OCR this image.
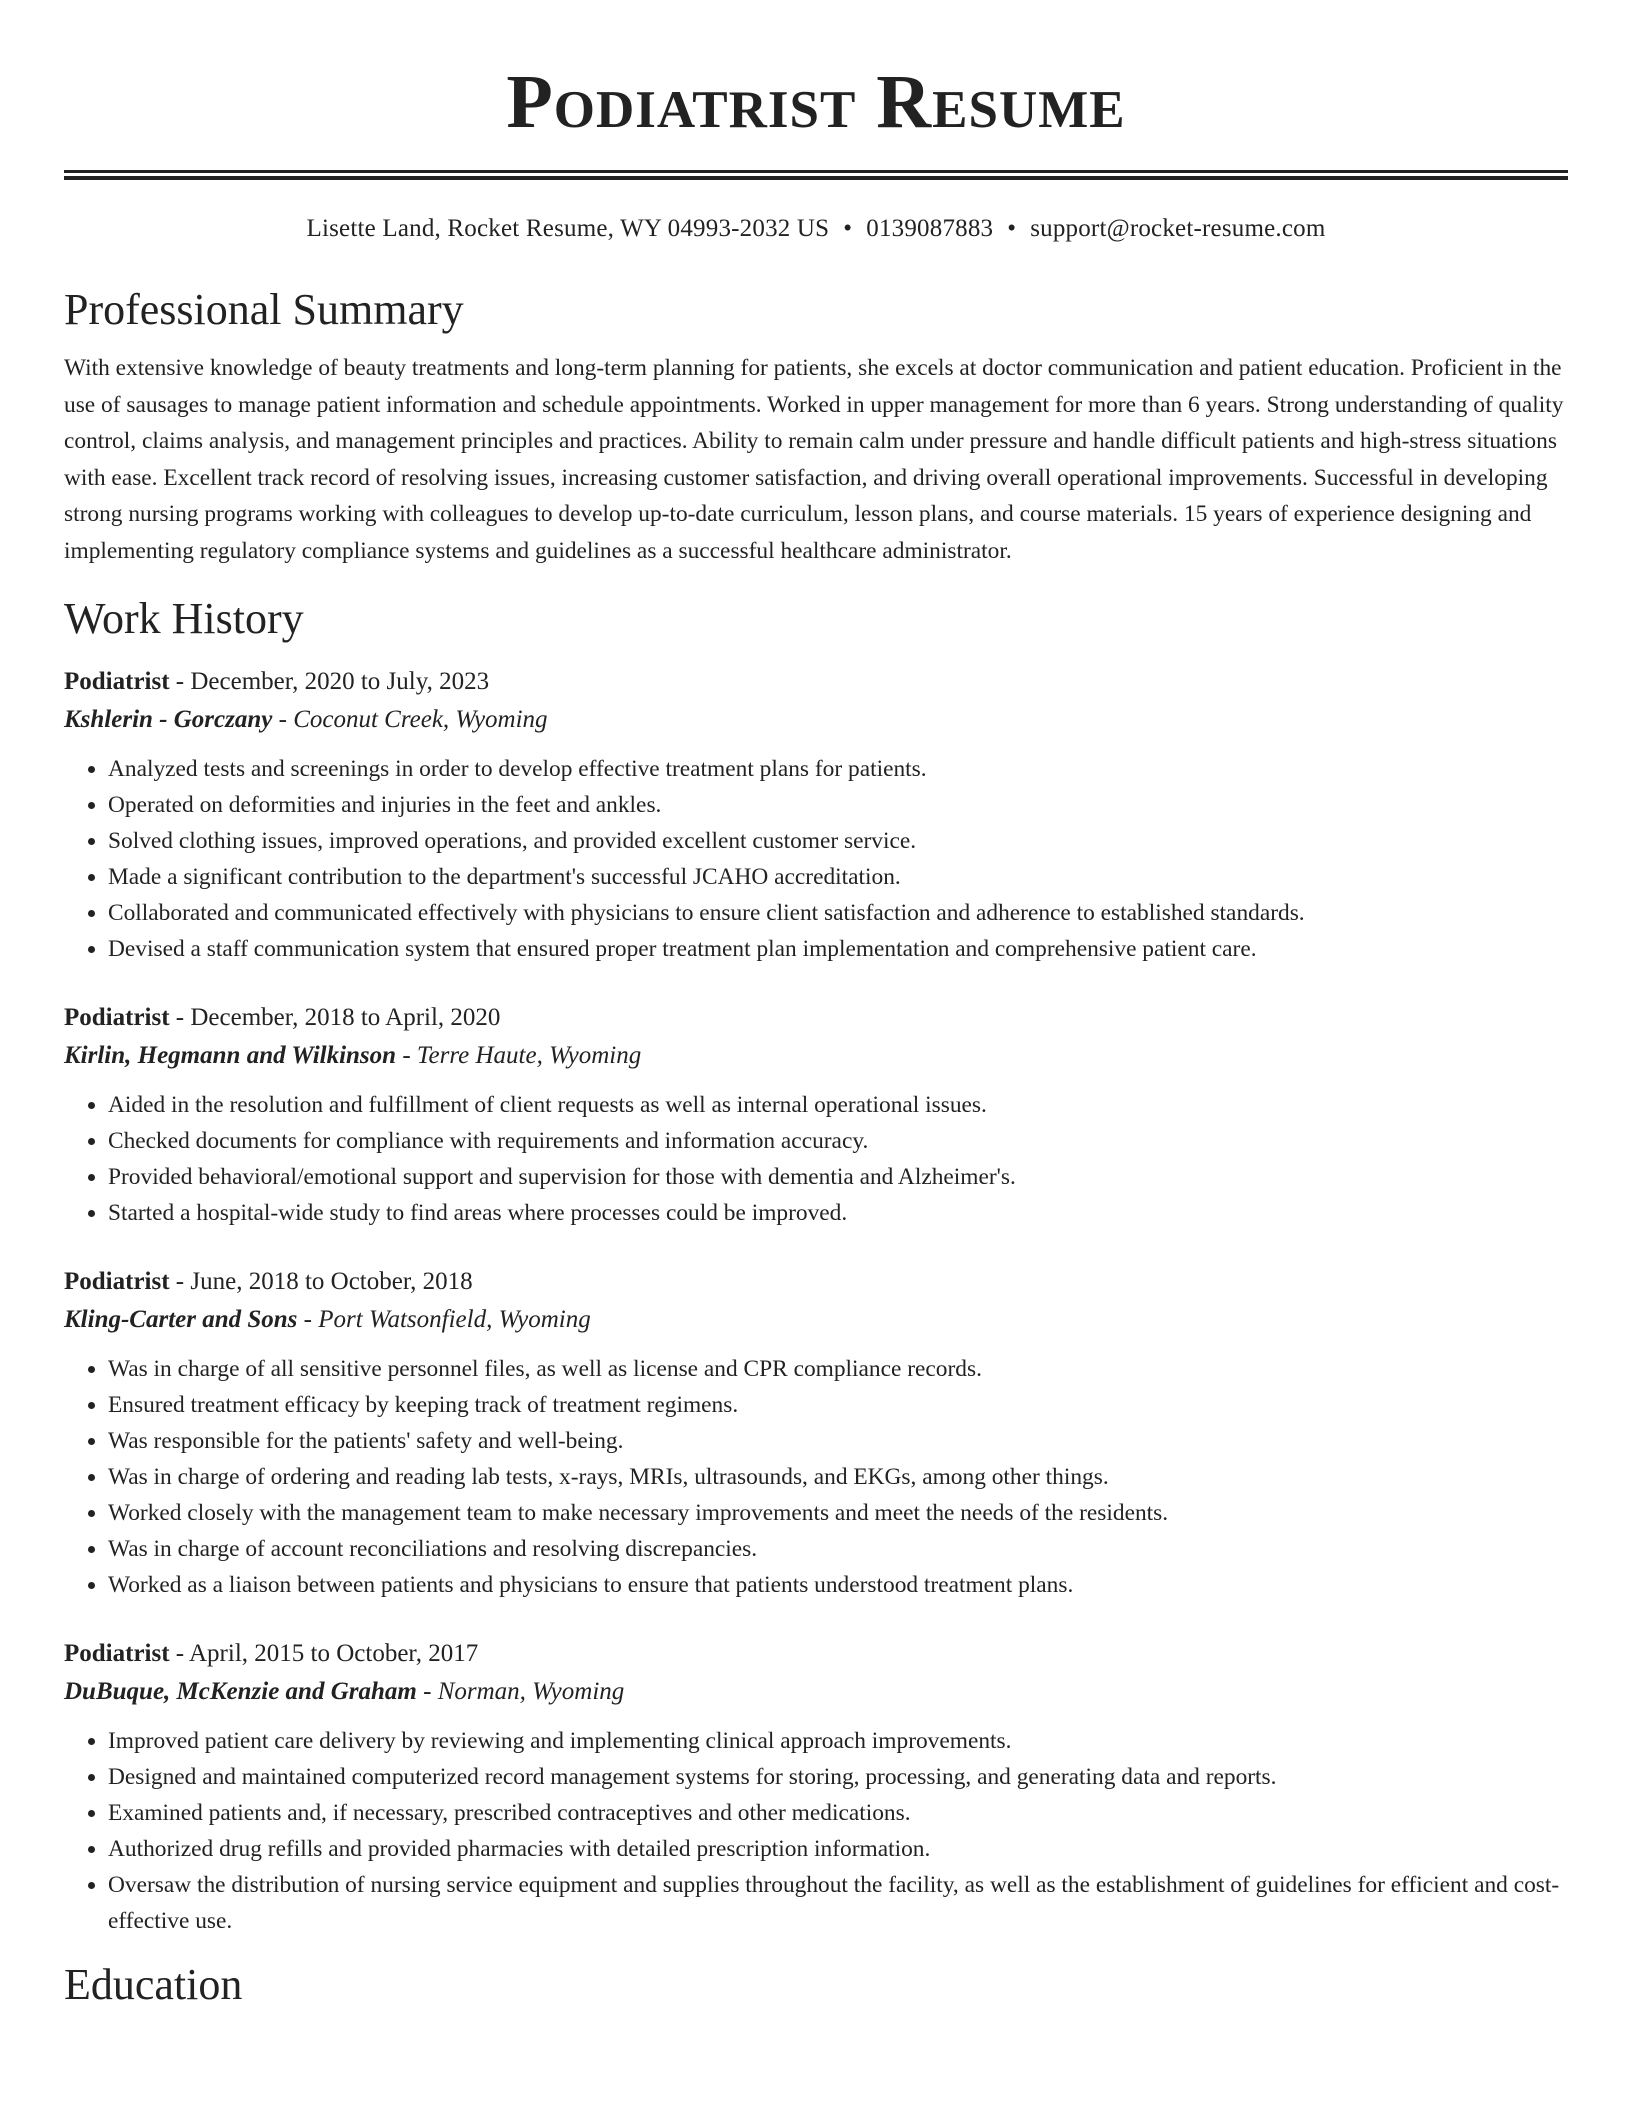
Podiatrist Resume
Lisette Land, Rocket Resume, WY 04993-2032 US • 0139087883 • support@rocket-resume.com
Professional Summary
With extensive knowledge of beauty treatments and long-term planning for patients, she excels at doctor communication and patient education. Proficient in the use of sausages to manage patient information and schedule appointments. Worked in upper management for more than 6 years. Strong understanding of quality control, claims analysis, and management principles and practices. Ability to remain calm under pressure and handle difficult patients and high-stress situations with ease. Excellent track record of resolving issues, increasing customer satisfaction, and driving overall operational improvements. Successful in developing strong nursing programs working with colleagues to develop up-to-date curriculum, lesson plans, and course materials. 15 years of experience designing and implementing regulatory compliance systems and guidelines as a successful healthcare administrator.
Work History
Podiatrist - December, 2020 to July, 2023
Kshlerin - Gorczany - Coconut Creek, Wyoming
• Analyzed tests and screenings in order to develop effective treatment plans for patients.
• Operated on deformities and injuries in the feet and ankles.
• Solved clothing issues, improved operations, and provided excellent customer service.
• Made a significant contribution to the department's successful JCAHO accreditation.
• Collaborated and communicated effectively with physicians to ensure client satisfaction and adherence to established standards.
• Devised a staff communication system that ensured proper treatment plan implementation and comprehensive patient care.
Podiatrist - December, 2018 to April, 2020
Kirlin, Hegmann and Wilkinson - Terre Haute, Wyoming
• Aided in the resolution and fulfillment of client requests as well as internal operational issues.
• Checked documents for compliance with requirements and information accuracy.
• Provided behavioral/emotional support and supervision for those with dementia and Alzheimer's.
• Started a hospital-wide study to find areas where processes could be improved.
Podiatrist - June, 2018 to October, 2018
Kling-Carter and Sons - Port Watsonfield, Wyoming
• Was in charge of all sensitive personnel files, as well as license and CPR compliance records.
• Ensured treatment efficacy by keeping track of treatment regimens.
• Was responsible for the patients' safety and well-being.
• Was in charge of ordering and reading lab tests, x-rays, MRIs, ultrasounds, and EKGs, among other things.
• Worked closely with the management team to make necessary improvements and meet the needs of the residents.
• Was in charge of account reconciliations and resolving discrepancies.
• Worked as a liaison between patients and physicians to ensure that patients understood treatment plans.
Podiatrist - April, 2015 to October, 2017
DuBuque, McKenzie and Graham - Norman, Wyoming
• Improved patient care delivery by reviewing and implementing clinical approach improvements.
• Designed and maintained computerized record management systems for storing, processing, and generating data and reports.
• Examined patients and, if necessary, prescribed contraceptives and other medications.
• Authorized drug refills and provided pharmacies with detailed prescription information.
• Oversaw the distribution of nursing service equipment and supplies throughout the facility, as well as the establishment of guidelines for efficient and cost-effective use.
Education
